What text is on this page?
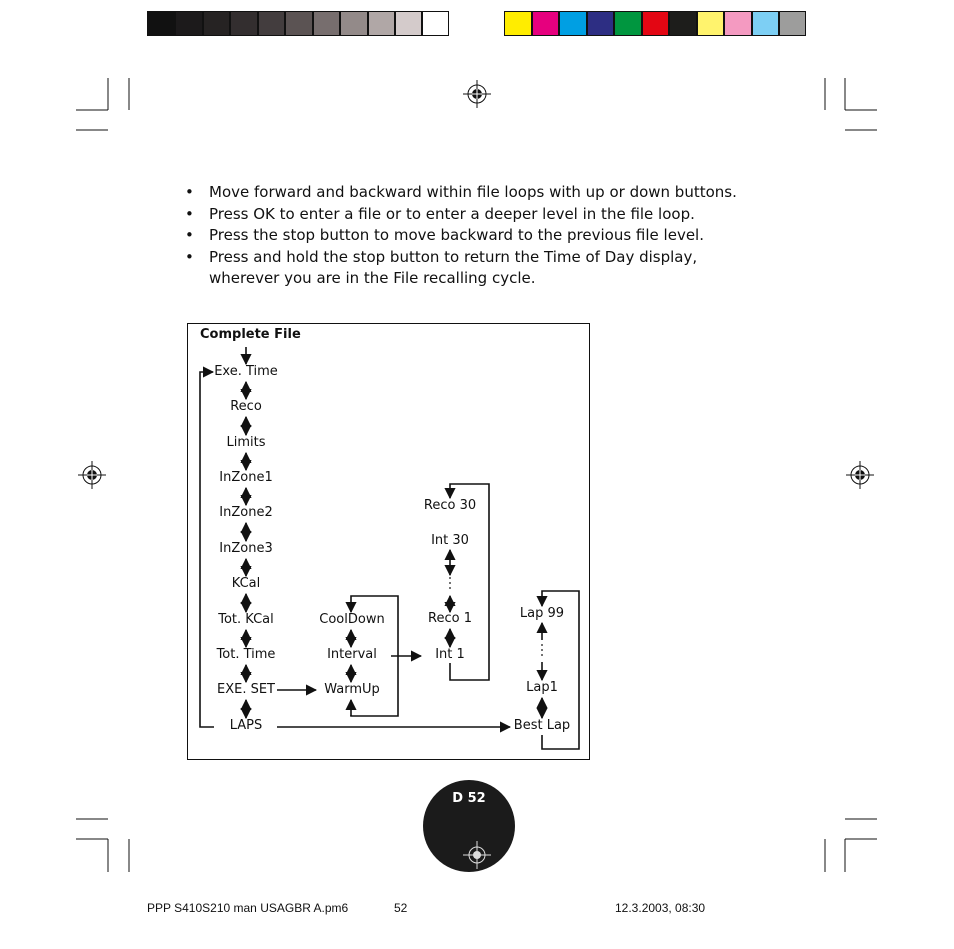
• Move forward and backward within file loops with up or down buttons.
• Press OK to enter a file or to enter a deeper level in the file loop.
• Press the stop button to move backward to the previous file level.
• Press and hold the stop button to return the Time of Day display, wherever you are in the File recalling cycle.
Complete File
Exe. Time
Reco
Limits
InZone1
InZone2
InZone3
KCal
Tot. KCal
Tot. Time
EXE. SET
LAPS
CoolDown
Interval
WarmUp
Reco 30
Int 30
Reco 1
Int 1
Lap 99
Lap1
Best Lap
D 52
PPP S410S210 man USAGBR A.pm6	52	12.3.2003, 08:30
